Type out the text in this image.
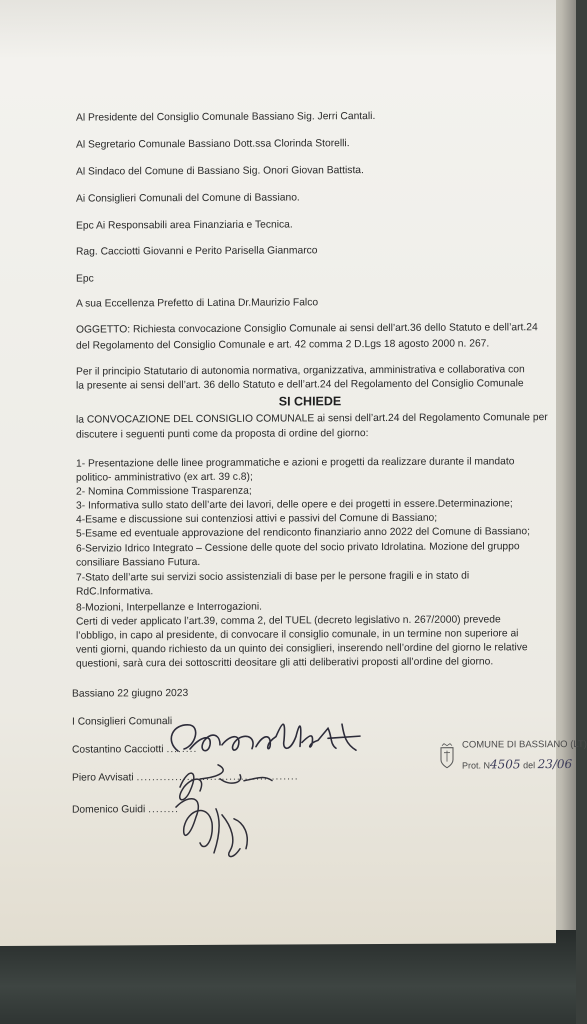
Al Presidente del Consiglio Comunale Bassiano Sig. Jerri Cantali.
Al Segretario Comunale Bassiano Dott.ssa Clorinda Storelli.
Al Sindaco del Comune di Bassiano Sig. Onori Giovan Battista.
Ai Consiglieri Comunali del Comune di Bassiano.
Epc Ai Responsabili area Finanziaria e Tecnica.
Rag. Cacciotti Giovanni e Perito Parisella Gianmarco
Epc
A sua Eccellenza Prefetto di Latina Dr.Maurizio Falco
OGGETTO: Richiesta convocazione Consiglio Comunale ai sensi dell’art.36 dello Statuto e dell’art.24
del Regolamento del Consiglio Comunale e art. 42 comma 2 D.Lgs 18 agosto 2000 n. 267.
Per il principio Statutario di autonomia normativa, organizzativa, amministrativa e collaborativa con
la presente ai sensi dell’art. 36 dello Statuto e dell’art.24 del Regolamento del Consiglio Comunale
SI CHIEDE
la CONVOCAZIONE DEL CONSIGLIO COMUNALE ai sensi dell’art.24 del Regolamento Comunale per
discutere i seguenti punti come da proposta di ordine del giorno:
1- Presentazione delle linee programmatiche e azioni e progetti da realizzare durante il mandato
politico- amministrativo (ex art. 39 c.8);
2- Nomina Commissione Trasparenza;
3- Informativa sullo stato dell’arte dei lavori, delle opere e dei progetti in essere.Determinazione;
4-Esame e discussione sui contenziosi attivi e passivi del Comune di Bassiano;
5-Esame ed eventuale approvazione del rendiconto finanziario anno 2022 del Comune di Bassiano;
6-Servizio Idrico Integrato – Cessione delle quote del socio privato Idrolatina. Mozione del gruppo
consiliare Bassiano Futura.
7-Stato dell’arte sui servizi socio assistenziali di base per le persone fragili e in stato di
RdC.Informativa.
8-Mozioni, Interpellanze e Interrogazioni.
Certi di veder applicato l’art.39, comma 2, del TUEL (decreto legislativo n. 267/2000) prevede
l’obbligo, in capo al presidente, di convocare il consiglio comunale, in un termine non superiore ai
venti giorni, quando richiesto da un quinto dei consiglieri, inserendo nell’ordine del giorno le relative
questioni, sarà cura dei sottoscritti deositare gli atti deliberativi proposti all’ordine del giorno.
Bassiano 22 giugno 2023
I Consiglieri Comunali
Costantino Cacciotti ........
Piero Avvisati ..........................................
Domenico Guidi ........
COMUNE DI BASSIANO (LT)
Prot. N4505 del 23/06
